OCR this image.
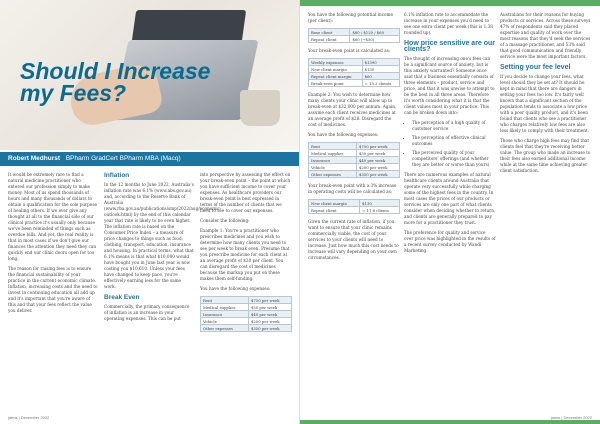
Should I Increase
my Fees?
Robert Medhurst BPharm GradCert BPharm MBA (Macq)

It would be extremely rare to find a natural medicine practitioner who entered our profession simply to make money. Most of us spend thousands of hours and many thousands of dollars to obtain a qualification for the sole purpose of healing others. If we ever give any thought at all to the financial side of our clinical practice it's usually only because we've been reminded of things such as overdue bills. And yet, the real reality is that in most cases if we don't give our finances the attention they need they can quickly end our clinic doors open for too long.

The reason for raising fees is to ensure the financial sustainability of your practice in the current economic climate. Inflation, increasing costs and the need to invest in continuing education all add up and it's important that you're aware of this and that your fees reflect the value you deliver.

Inflation

In the 12 months to June 2022, Australia's inflation rate was 6.1% (www.abs.gov.au) and, according to the Reserve Bank of Australia (www.rba.gov.au/publications/smp/2022/aug/economic-outlook.html) by the end of this calendar year that rate is likely to be even higher. The inflation rate is based on the Consumer Price Index – a measure of price changes to things such as food, clothing, transport, education, insurance and housing. In practical terms, what that 6.1% means is that what $10,000 would have bought you in June last year is now costing you $10,610. Unless your fees have changed to keep pace, you're effectively earning less for the same work.

Break Even

Commercially, the primary consequence of inflation is an increase in your operating expenses. This can be put

into perspective by assessing the effect on your break-even point – the point at which you have sufficient income to cover your expenses. As healthcare providers our break-even point is best expressed in terms of the number of clients that we need to see to cover our expenses.

Consider the following:

Example 1: You're a practitioner who prescribes medicines and you wish to determine how many clients you need to see per week to break even. Presume that you prescribe medicine for each client at an average profit of $30 per client. You can disregard the cost of medicines because the markup you put on these makes them self-funding.

You have the following expenses:

Rent	$750 per week
Medical supplies	$50 per week
Insurance	$40 per week
Vehicle	$200 per week
Other expenses	$350 per week
jatms | December 2022

You have the following potential income (per client):

Base client	$80 / $120 / $60
Repeat client	$60 (~$50)

Your break-even point is calculated as:

Weekly expenses	$1390
New client margin	$130
Repeat client margin	$60
Break-even point	= 13.2 clients

Example 2: You wish to determine how many clients your clinic will allow up to break-even at $32,000 per annum. Again, assume each client receives medicines at an average profit of $28. Disregard the cost of medicines.

You have the following expenses:

Rent	$750 per week
Medical supplies	$50 per week
Insurance	$40 per week
Vehicle	$200 per week
Other expenses	$350 per week

Your break-even point with a 3% increase in operating costs will be calculated as:

New client margin	$130
Repeat client	= 11.6 clients

Given the current rate of inflation, if you want to ensure that your clinic remains commercially viable, the cost of your services to your clients will need to increase. Just how much this cost needs to increase will vary depending on your own circumstances.

6.1% inflation rate to accommodate the increase in your expenses you'd need to see one extra client per week (this is 1.38 rounded up).

How price sensitive are our clients?

The thought of increasing one's fees can be a significant source of anxiety, but is this anxiety warranted? Someone once said that a business essentially consists of three elements – product, service and price, and that it was unwise to attempt to be the best in all three areas. Therefore it's worth considering what it is that the client values most in your practice. This can be broken down into:

• The perception of a high quality of customer service
• The perception of effective clinical outcomes
• The perceived quality of your competitors' offerings (and whether they are better or worse than yours)

There are numerous examples of natural healthcare clients around Australia that operate very successfully while charging some of the highest fees in the country. In most cases the prices of our products or services are only one part of what clients consider when deciding whether to return, and clients are generally prepared to pay more for a practitioner they trust.

The preference for quality and service over price was highlighted in the results of a recent survey conducted by Wandi Marketing.

Australians for their reasons for buying products or services. Across these surveys 47% of respondents said they placed expertise and quality of work over the most reasons that they'd seek the services of a massage practitioner, and 53% said that good communication and friendly service were the most important factors.

Setting your fee level

If you decide to change your fees, what level should they be set at? It should be kept in mind that there are dangers in setting your fees too low. It's fairly well known that a significant section of the population tends to associate a low price with a poor quality product, and it's been found that clients who see a practitioner who charges relatively low fees are also less likely to comply with their treatment.

Those who charge high fees may find that clients feel that they're receiving better value. The group who made an increase to their fees also earned additional income while at the same time achieving greater client satisfaction.

jatms | December 2022
